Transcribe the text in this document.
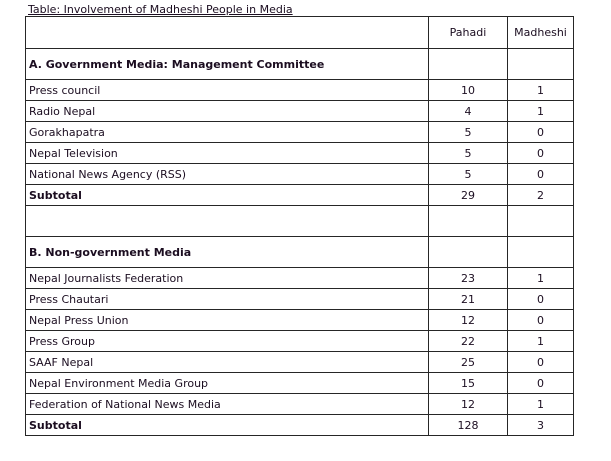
Table: Involvement of Madheshi People in Media
	Pahadi	Madheshi
A. Government Media: Management Committee		
Press council	10	1
Radio Nepal	4	1
Gorakhapatra	5	0
Nepal Television	5	0
National News Agency (RSS)	5	0
Subtotal	29	2

B. Non-government Media		
Nepal Journalists Federation	23	1
Press Chautari	21	0
Nepal Press Union	12	0
Press Group	22	1
SAAF Nepal	25	0
Nepal Environment Media Group	15	0
Federation of National News Media	12	1
Subtotal	128	3
